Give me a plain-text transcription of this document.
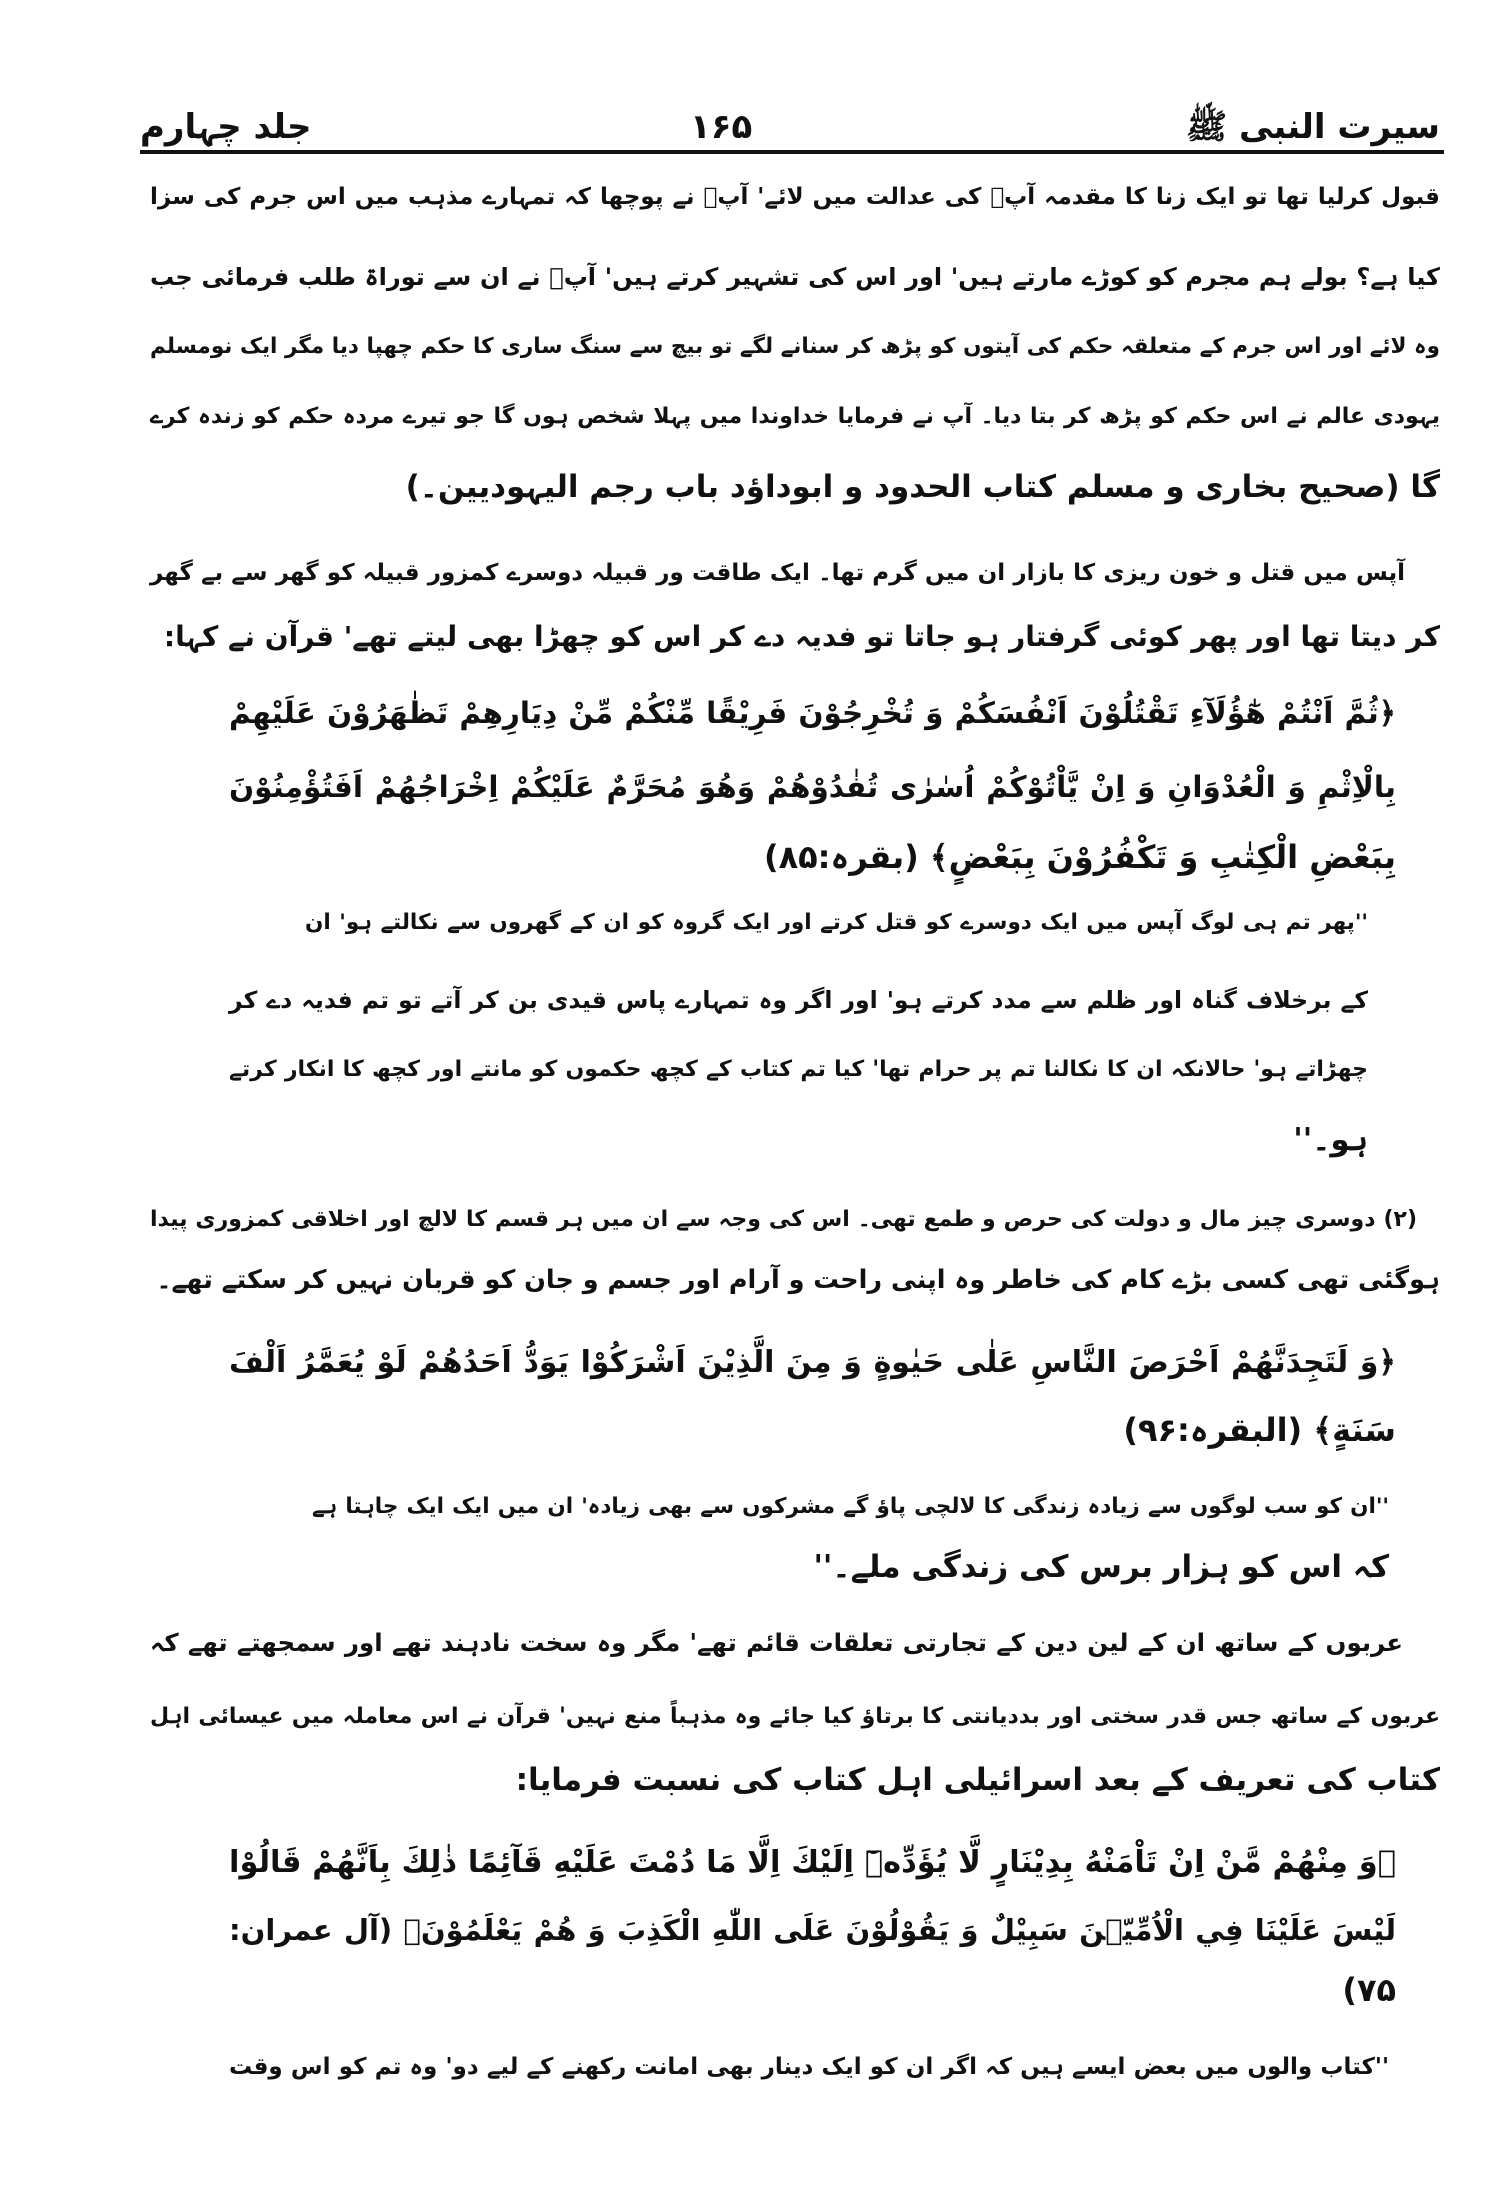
سیرت النبی ﷺ
۱۶۵
جلد چہارم
قبول کرلیا تھا تو ایک زنا کا مقدمہ آپؐ کی عدالت میں لائے' آپؐ نے پوچھا کہ تمہارے مذہب میں اس جرم کی سزا
کیا ہے؟ بولے ہم مجرم کو کوڑے مارتے ہیں' اور اس کی تشہیر کرتے ہیں' آپؐ نے ان سے توراۃ طلب فرمائی جب
وہ لائے اور اس جرم کے متعلقہ حکم کی آیتوں کو پڑھ کر سنانے لگے تو بیچ سے سنگ ساری کا حکم چھپا دیا مگر ایک نومسلم
یہودی عالم نے اس حکم کو پڑھ کر بتا دیا۔ آپ نے فرمایا خداوندا میں پہلا شخص ہوں گا جو تیرے مردہ حکم کو زندہ کرے
گا (صحیح بخاری و مسلم کتاب الحدود و ابوداؤد باب رجم الیہودیین۔)
آپس میں قتل و خون ریزی کا بازار ان میں گرم تھا۔ ایک طاقت ور قبیلہ دوسرے کمزور قبیلہ کو گھر سے بے گھر
کر دیتا تھا اور پھر کوئی گرفتار ہو جاتا تو فدیہ دے کر اس کو چھڑا بھی لیتے تھے' قرآن نے کہا:
﴿ثُمَّ اَنْتُمْ هٰٓؤُلَآءِ تَقْتُلُوْنَ اَنْفُسَكُمْ وَ تُخْرِجُوْنَ فَرِيْقًا مِّنْكُمْ مِّنْ دِيَارِهِمْ تَظٰهَرُوْنَ عَلَيْهِمْ
بِالْاِثْمِ وَ الْعُدْوَانِ وَ اِنْ يَّاْتُوْكُمْ اُسٰرٰى تُفٰدُوْهُمْ وَهُوَ مُحَرَّمٌ عَلَيْكُمْ اِخْرَاجُهُمْ اَفَتُؤْمِنُوْنَ
بِبَعْضِ الْكِتٰبِ وَ تَكْفُرُوْنَ بِبَعْضٍ﴾ (بقرہ:۸۵)
''پھر تم ہی لوگ آپس میں ایک دوسرے کو قتل کرتے اور ایک گروہ کو ان کے گھروں سے نکالتے ہو' ان
کے برخلاف گناہ اور ظلم سے مدد کرتے ہو' اور اگر وہ تمہارے پاس قیدی بن کر آتے تو تم فدیہ دے کر
چھڑاتے ہو' حالانکہ ان کا نکالنا تم پر حرام تھا' کیا تم کتاب کے کچھ حکموں کو مانتے اور کچھ کا انکار کرتے
ہو۔''
(۲) دوسری چیز مال و دولت کی حرص و طمع تھی۔ اس کی وجہ سے ان میں ہر قسم کا لالچ اور اخلاقی کمزوری پیدا
ہوگئی تھی کسی بڑے کام کی خاطر وہ اپنی راحت و آرام اور جسم و جان کو قربان نہیں کر سکتے تھے۔
﴿وَ لَتَجِدَنَّهُمْ اَحْرَصَ النَّاسِ عَلٰى حَيٰوةٍ وَ مِنَ الَّذِيْنَ اَشْرَكُوْا يَوَدُّ اَحَدُهُمْ لَوْ يُعَمَّرُ اَلْفَ
سَنَةٍ﴾ (البقرہ:۹۶)
''ان کو سب لوگوں سے زیادہ زندگی کا لالچی پاؤ گے مشرکوں سے بھی زیادہ' ان میں ایک ایک چاہتا ہے
کہ اس کو ہزار برس کی زندگی ملے۔''
عربوں کے ساتھ ان کے لین دین کے تجارتی تعلقات قائم تھے' مگر وہ سخت نادہند تھے اور سمجھتے تھے کہ
عربوں کے ساتھ جس قدر سختی اور بددیانتی کا برتاؤ کیا جائے وہ مذہباً منع نہیں' قرآن نے اس معاملہ میں عیسائی اہل
کتاب کی تعریف کے بعد اسرائیلی اہل کتاب کی نسبت فرمایا:
﴿وَ مِنْهُمْ مَّنْ اِنْ تَاْمَنْهُ بِدِيْنَارٍ لَّا يُؤَدِّهٖٓ اِلَيْكَ اِلَّا مَا دُمْتَ عَلَيْهِ قَآئِمًا ذٰلِكَ بِاَنَّهُمْ قَالُوْا
لَيْسَ عَلَيْنَا فِي الْاُمِّيّٖنَ سَبِيْلٌ وَ يَقُوْلُوْنَ عَلَى اللّٰهِ الْكَذِبَ وَ هُمْ يَعْلَمُوْنَ﴾ (آل عمران:
۷۵)
''کتاب والوں میں بعض ایسے ہیں کہ اگر ان کو ایک دینار بھی امانت رکھنے کے لیے دو' وہ تم کو اس وقت
